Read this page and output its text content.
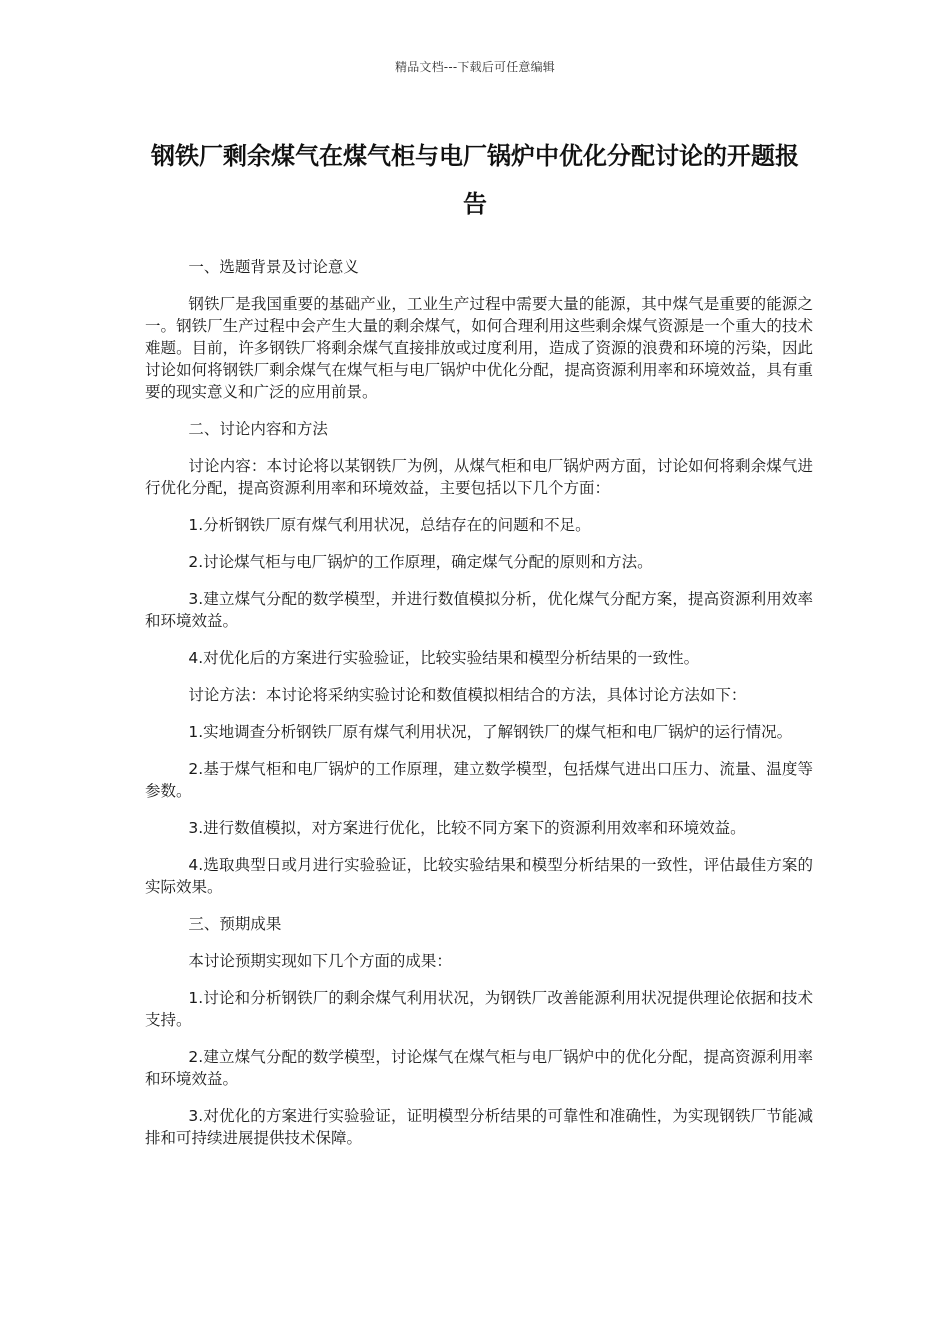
精品文档---下载后可任意编辑
钢铁厂剩余煤气在煤气柜与电厂锅炉中优化分配讨论的开题报告

一、选题背景及讨论意义

钢铁厂是我国重要的基础产业，工业生产过程中需要大量的能源，其中煤气是重要的能源之一。钢铁厂生产过程中会产生大量的剩余煤气，如何合理利用这些剩余煤气资源是一个重大的技术难题。目前，许多钢铁厂将剩余煤气直接排放或过度利用，造成了资源的浪费和环境的污染，因此讨论如何将钢铁厂剩余煤气在煤气柜与电厂锅炉中优化分配，提高资源利用率和环境效益，具有重要的现实意义和广泛的应用前景。

二、讨论内容和方法

讨论内容：本讨论将以某钢铁厂为例，从煤气柜和电厂锅炉两方面，讨论如何将剩余煤气进行优化分配，提高资源利用率和环境效益，主要包括以下几个方面：

1.分析钢铁厂原有煤气利用状况，总结存在的问题和不足。

2.讨论煤气柜与电厂锅炉的工作原理，确定煤气分配的原则和方法。

3.建立煤气分配的数学模型，并进行数值模拟分析，优化煤气分配方案，提高资源利用效率和环境效益。

4.对优化后的方案进行实验验证，比较实验结果和模型分析结果的一致性。

讨论方法：本讨论将采纳实验讨论和数值模拟相结合的方法，具体讨论方法如下：

1.实地调查分析钢铁厂原有煤气利用状况，了解钢铁厂的煤气柜和电厂锅炉的运行情况。

2.基于煤气柜和电厂锅炉的工作原理，建立数学模型，包括煤气进出口压力、流量、温度等参数。

3.进行数值模拟，对方案进行优化，比较不同方案下的资源利用效率和环境效益。

4.选取典型日或月进行实验验证，比较实验结果和模型分析结果的一致性，评估最佳方案的实际效果。

三、预期成果

本讨论预期实现如下几个方面的成果：

1.讨论和分析钢铁厂的剩余煤气利用状况，为钢铁厂改善能源利用状况提供理论依据和技术支持。

2.建立煤气分配的数学模型，讨论煤气在煤气柜与电厂锅炉中的优化分配，提高资源利用率和环境效益。

3.对优化的方案进行实验验证，证明模型分析结果的可靠性和准确性，为实现钢铁厂节能减排和可持续进展提供技术保障。
